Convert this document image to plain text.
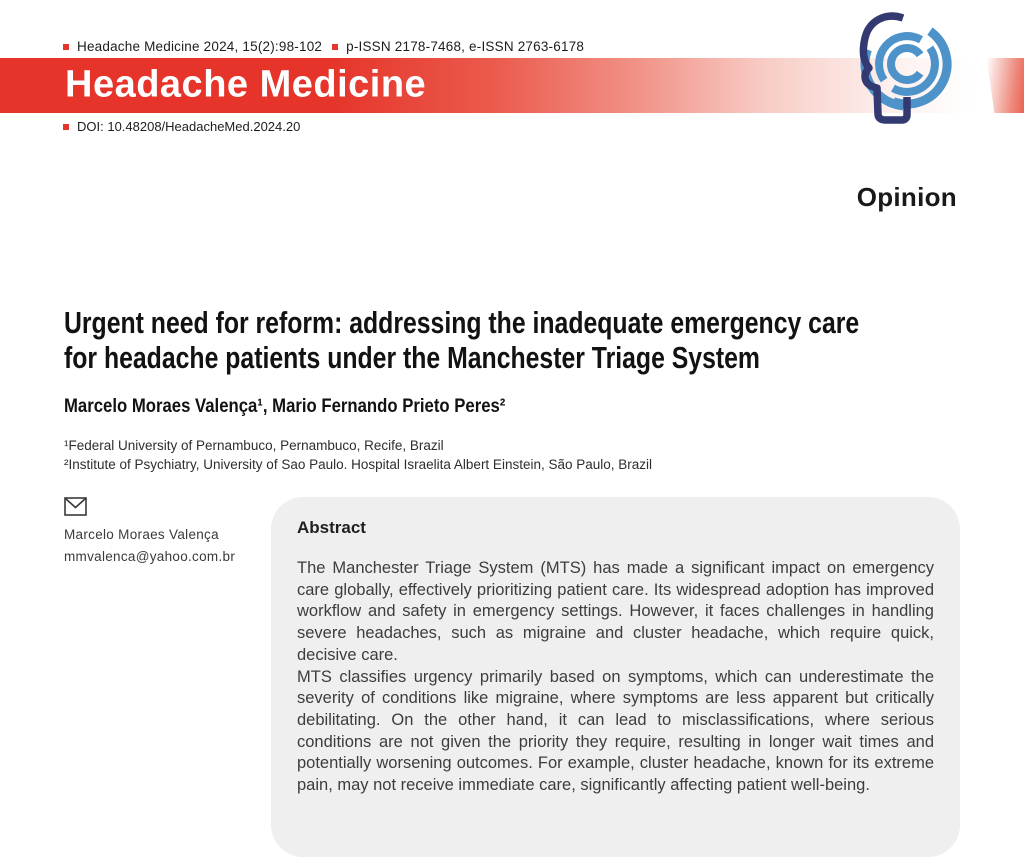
Headache Medicine 2024, 15(2):98-102 p-ISSN 2178-7468, e-ISSN 2763-6178
Headache Medicine
DOI: 10.48208/HeadacheMed.2024.20
Opinion
Urgent need for reform: addressing the inadequate emergency care
for headache patients under the Manchester Triage System
Marcelo Moraes Valença¹, Mario Fernando Prieto Peres²
¹Federal University of Pernambuco, Pernambuco, Recife, Brazil
²Institute of Psychiatry, University of Sao Paulo. Hospital Israelita Albert Einstein, São Paulo, Brazil
Marcelo Moraes Valença
mmvalenca@yahoo.com.br
Abstract

The Manchester Triage System (MTS) has made a significant impact on emergency care globally, effectively prioritizing patient care. Its widespread adoption has improved workflow and safety in emergency settings. However, it faces challenges in handling severe headaches, such as migraine and cluster headache, which require quick, decisive care.

MTS classifies urgency primarily based on symptoms, which can underestimate the severity of conditions like migraine, where symptoms are less apparent but critically debilitating. On the other hand, it can lead to misclassifications, where serious conditions are not given the priority they require, resulting in longer wait times and potentially worsening outcomes. For example, cluster headache, known for its extreme pain, may not receive immediate care, significantly affecting patient well-being.
